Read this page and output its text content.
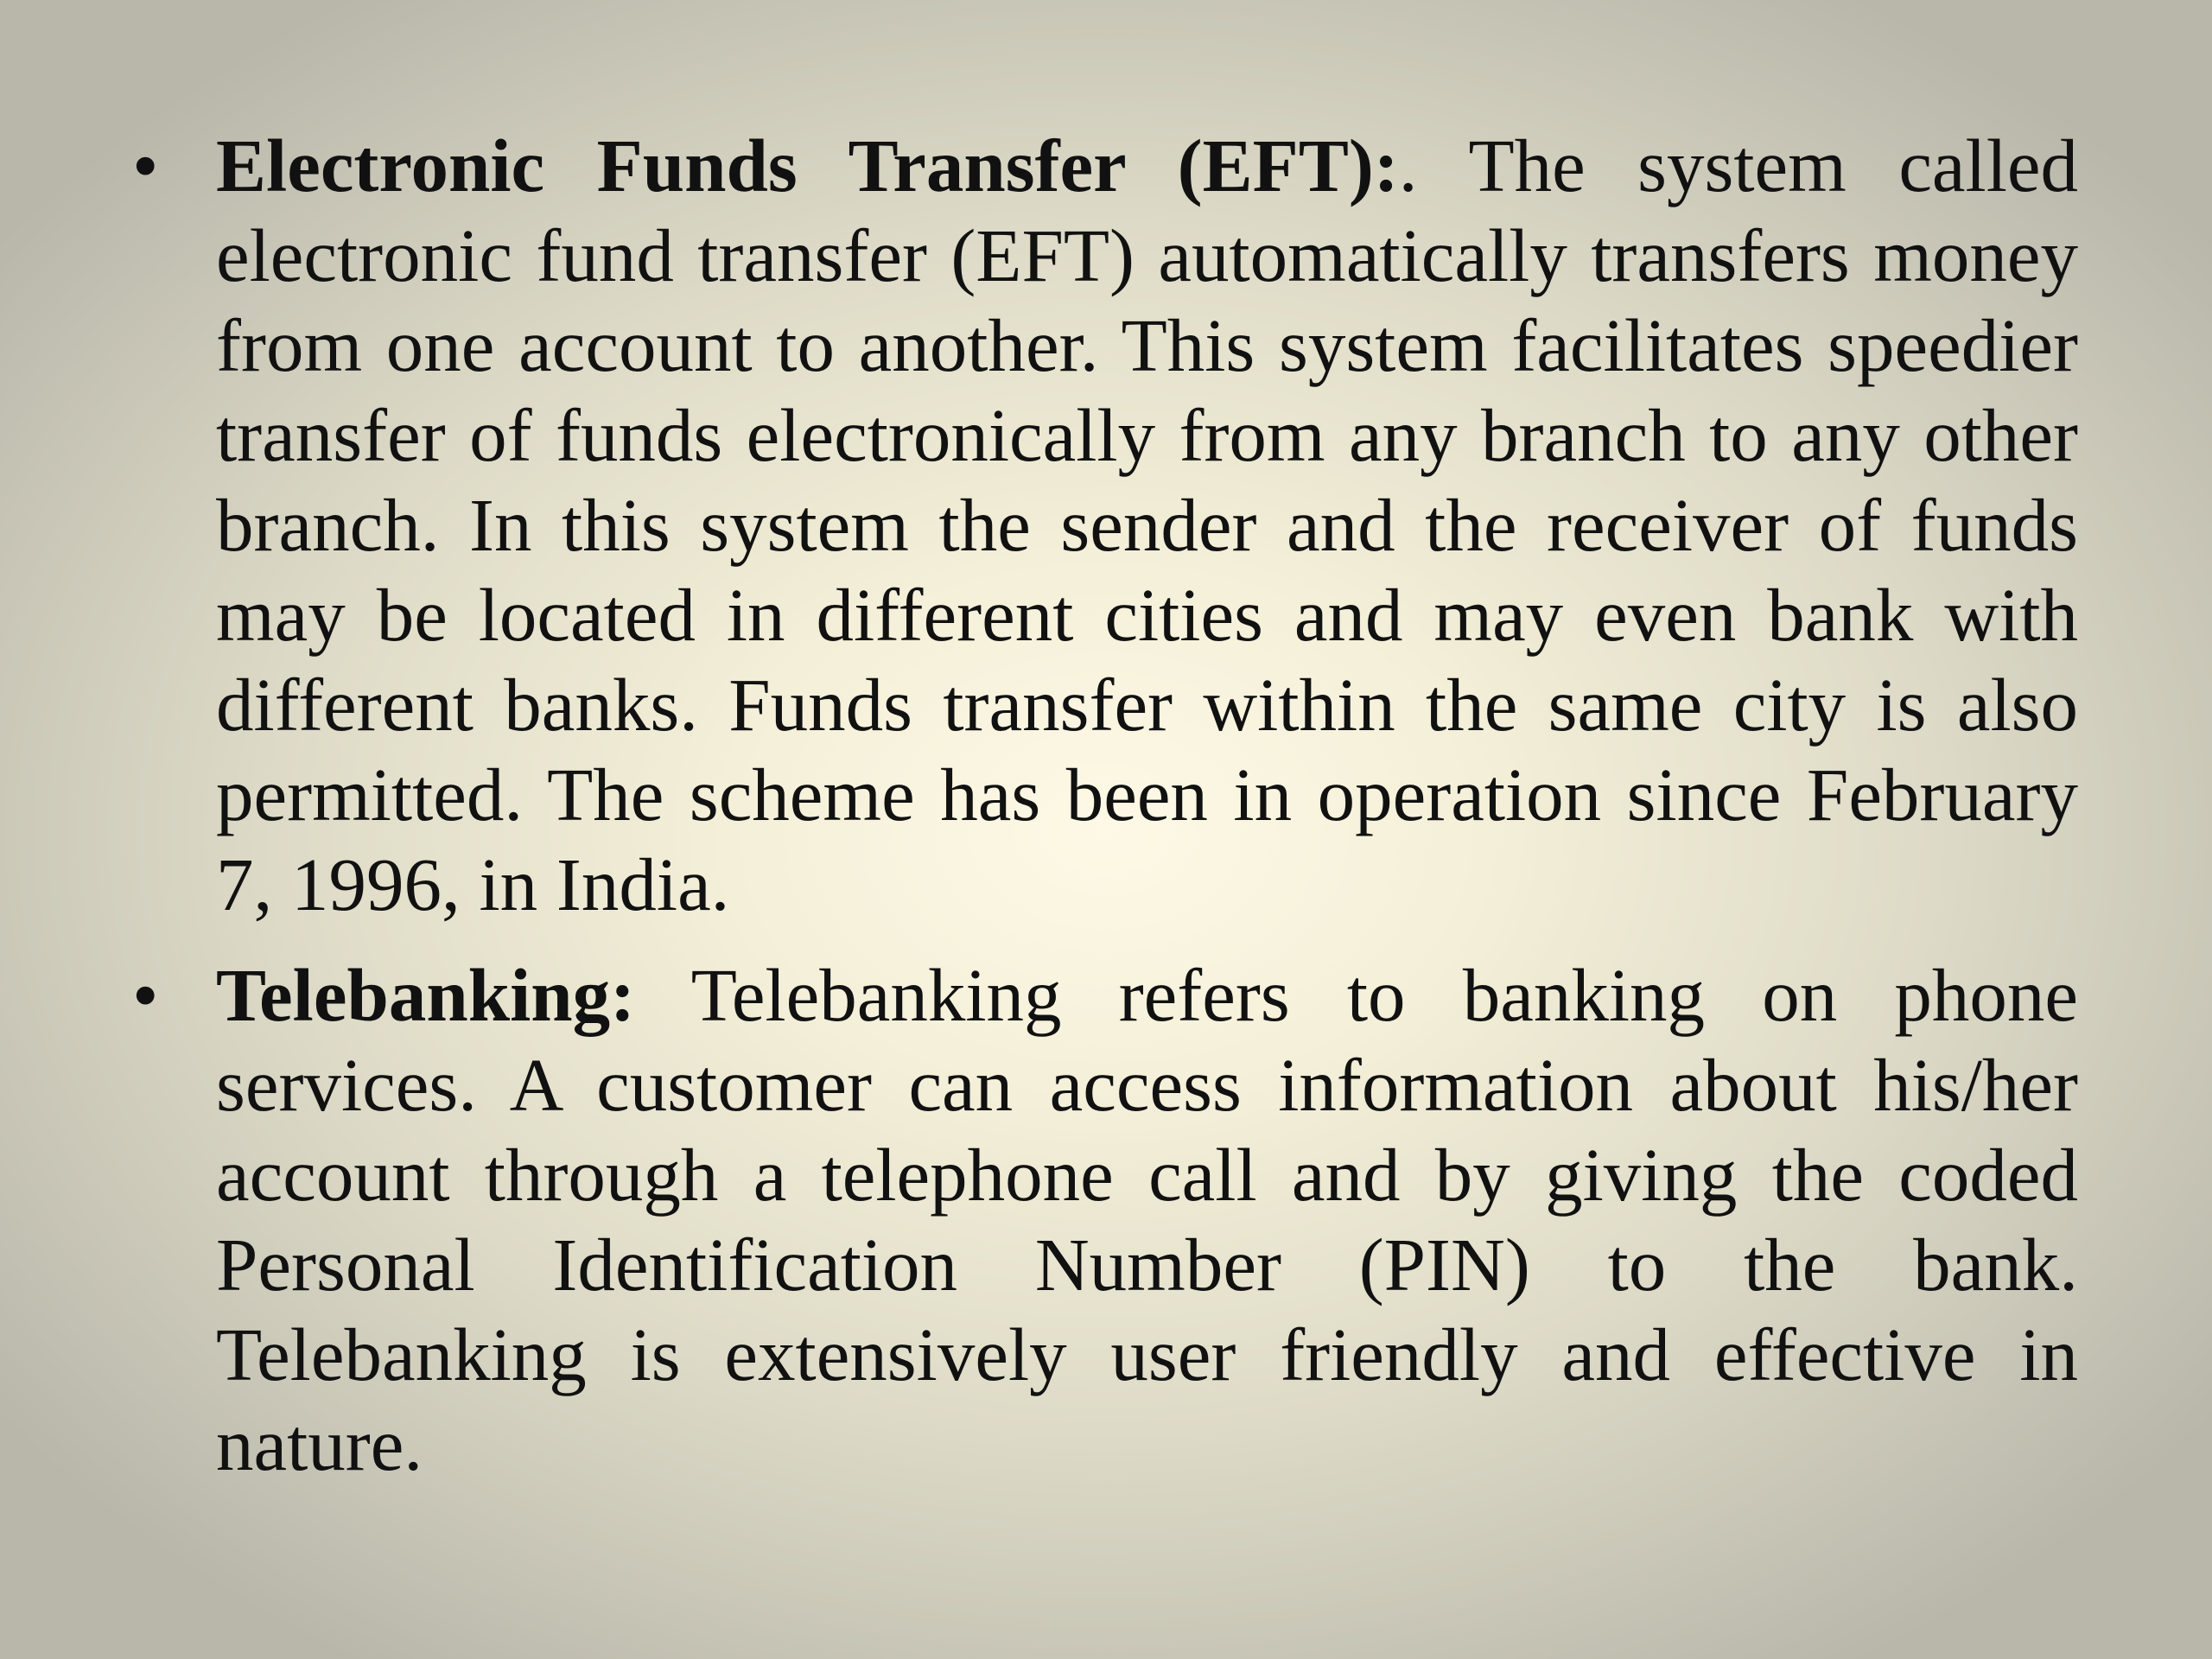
• Electronic Funds Transfer (EFT):. The system called electronic fund transfer (EFT) automatically transfers money from one account to another. This system facilitates speedier transfer of funds electronically from any branch to any other branch. In this system the sender and the receiver of funds may be located in different cities and may even bank with different banks. Funds transfer within the same city is also permitted. The scheme has been in operation since February 7, 1996, in India.
• Telebanking: Telebanking refers to banking on phone services. A customer can access information about his/her account through a telephone call and by giving the coded Personal Identification Number (PIN) to the bank. Telebanking is extensively user friendly and effective in nature.
